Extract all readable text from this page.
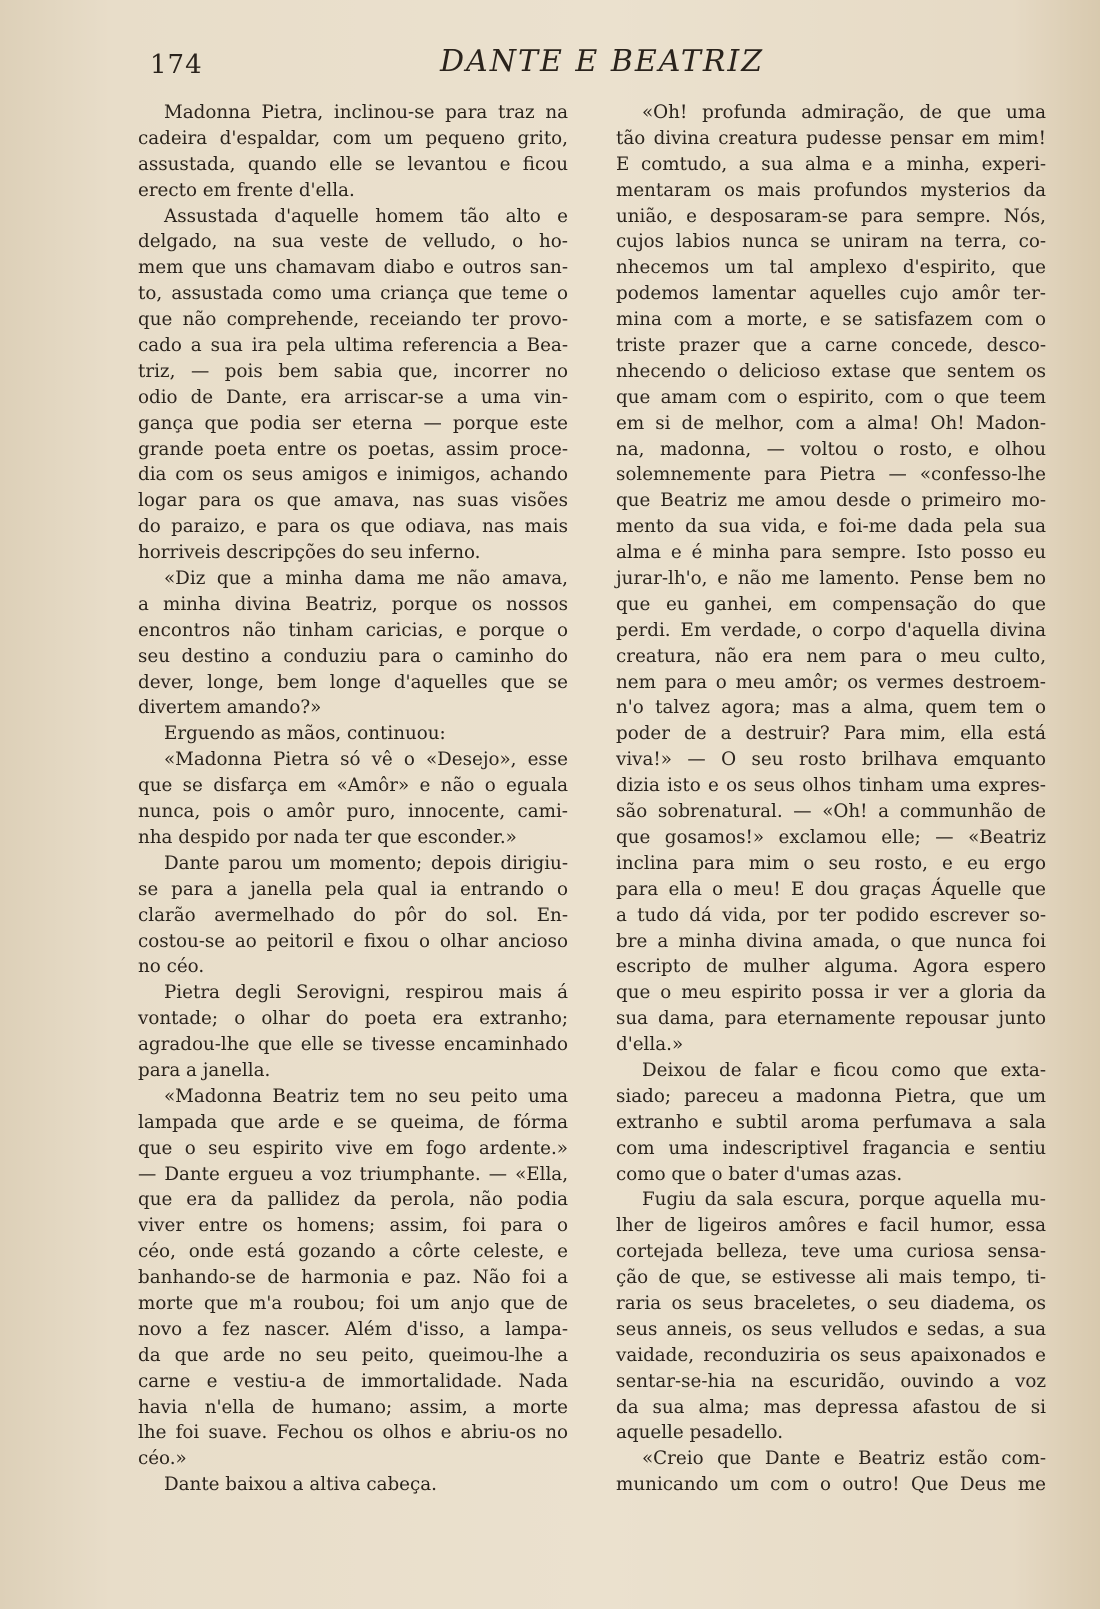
174	DANTE E BEATRIZ
Madonna Pietra, inclinou-se para traz na
cadeira d'espaldar, com um pequeno grito,
assustada, quando elle se levantou e ficou
erecto em frente d'ella.
Assustada d'aquelle homem tão alto e
delgado, na sua veste de velludo, o ho-
mem que uns chamavam diabo e outros san-
to, assustada como uma criança que teme o
que não comprehende, receiando ter provo-
cado a sua ira pela ultima referencia a Bea-
triz, — pois bem sabia que, incorrer no
odio de Dante, era arriscar-se a uma vin-
gança que podia ser eterna — porque este
grande poeta entre os poetas, assim proce-
dia com os seus amigos e inimigos, achando
logar para os que amava, nas suas visões
do paraizo, e para os que odiava, nas mais
horriveis descripções do seu inferno.
«Diz que a minha dama me não amava,
a minha divina Beatriz, porque os nossos
encontros não tinham caricias, e porque o
seu destino a conduziu para o caminho do
dever, longe, bem longe d'aquelles que se
divertem amando?»
Erguendo as mãos, continuou:
«Madonna Pietra só vê o «Desejo», esse
que se disfarça em «Amôr» e não o eguala
nunca, pois o amôr puro, innocente, cami-
nha despido por nada ter que esconder.»
Dante parou um momento; depois dirigiu-
se para a janella pela qual ia entrando o
clarão avermelhado do pôr do sol. En-
costou-se ao peitoril e fixou o olhar ancioso
no céo.
Pietra degli Serovigni, respirou mais á
vontade; o olhar do poeta era extranho;
agradou-lhe que elle se tivesse encaminhado
para a janella.
«Madonna Beatriz tem no seu peito uma
lampada que arde e se queima, de fórma
que o seu espirito vive em fogo ardente.»
— Dante ergueu a voz triumphante. — «Ella,
que era da pallidez da perola, não podia
viver entre os homens; assim, foi para o
céo, onde está gozando a côrte celeste, e
banhando-se de harmonia e paz. Não foi a
morte que m'a roubou; foi um anjo que de
novo a fez nascer. Além d'isso, a lampa-
da que arde no seu peito, queimou-lhe a
carne e vestiu-a de immortalidade. Nada
havia n'ella de humano; assim, a morte
lhe foi suave. Fechou os olhos e abriu-os no
céo.»
Dante baixou a altiva cabeça.
«Oh! profunda admiração, de que uma
tão divina creatura pudesse pensar em mim!
E comtudo, a sua alma e a minha, experi-
mentaram os mais profundos mysterios da
união, e desposaram-se para sempre. Nós,
cujos labios nunca se uniram na terra, co-
nhecemos um tal amplexo d'espirito, que
podemos lamentar aquelles cujo amôr ter-
mina com a morte, e se satisfazem com o
triste prazer que a carne concede, desco-
nhecendo o delicioso extase que sentem os
que amam com o espirito, com o que teem
em si de melhor, com a alma! Oh! Madon-
na, madonna, — voltou o rosto, e olhou
solemnemente para Pietra — «confesso-lhe
que Beatriz me amou desde o primeiro mo-
mento da sua vida, e foi-me dada pela sua
alma e é minha para sempre. Isto posso eu
jurar-lh'o, e não me lamento. Pense bem no
que eu ganhei, em compensação do que
perdi. Em verdade, o corpo d'aquella divina
creatura, não era nem para o meu culto,
nem para o meu amôr; os vermes destroem-
n'o talvez agora; mas a alma, quem tem o
poder de a destruir? Para mim, ella está
viva!» — O seu rosto brilhava emquanto
dizia isto e os seus olhos tinham uma expres-
são sobrenatural. — «Oh! a communhão de
que gosamos!» exclamou elle; — «Beatriz
inclina para mim o seu rosto, e eu ergo
para ella o meu! E dou graças Áquelle que
a tudo dá vida, por ter podido escrever so-
bre a minha divina amada, o que nunca foi
escripto de mulher alguma. Agora espero
que o meu espirito possa ir ver a gloria da
sua dama, para eternamente repousar junto
d'ella.»
Deixou de falar e ficou como que exta-
siado; pareceu a madonna Pietra, que um
extranho e subtil aroma perfumava a sala
com uma indescriptivel fragancia e sentiu
como que o bater d'umas azas.
Fugiu da sala escura, porque aquella mu-
lher de ligeiros amôres e facil humor, essa
cortejada belleza, teve uma curiosa sensa-
ção de que, se estivesse ali mais tempo, ti-
raria os seus braceletes, o seu diadema, os
seus anneis, os seus velludos e sedas, a sua
vaidade, reconduziria os seus apaixonados e
sentar-se-hia na escuridão, ouvindo a voz
da sua alma; mas depressa afastou de si
aquelle pesadello.
«Creio que Dante e Beatriz estão com-
municando um com o outro! Que Deus me
